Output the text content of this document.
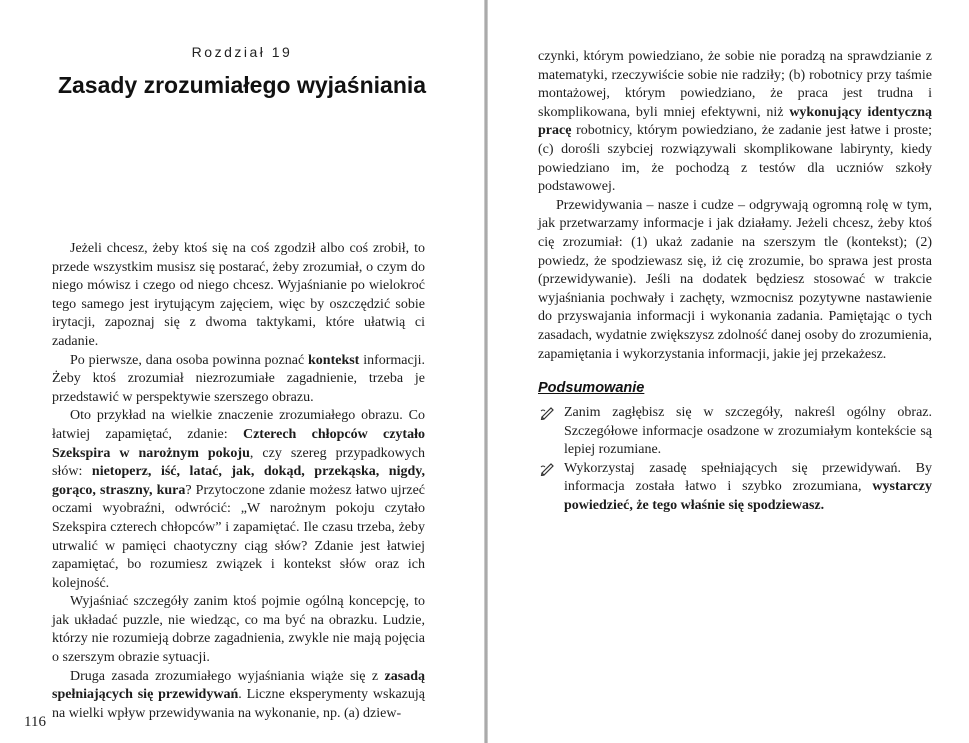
Rozdział 19
Zasady zrozumiałego wyjaśniania

Jeżeli chcesz, żeby ktoś się na coś zgodził albo coś zrobił, to przede wszystkim musisz się postarać, żeby zrozumiał, o czym do niego mówisz i czego od niego chcesz. Wyjaśnianie po wielokroć tego samego jest irytującym zajęciem, więc by oszczędzić sobie irytacji, zapoznaj się z dwoma taktykami, które ułatwią ci zadanie.

Po pierwsze, dana osoba powinna poznać kontekst informacji. Żeby ktoś zrozumiał niezrozumiałe zagadnienie, trzeba je przedstawić w perspektywie szerszego obrazu.

Oto przykład na wielkie znaczenie zrozumiałego obrazu. Co łatwiej zapamiętać, zdanie: Czterech chłopców czytało Szekspira w narożnym pokoju, czy szereg przypadkowych słów: nietoperz, iść, latać, jak, dokąd, przekąska, nigdy, gorąco, straszny, kura? Przytoczone zdanie możesz łatwo ujrzeć oczami wyobraźni, odwrócić: „W narożnym pokoju czytało Szekspira czterech chłopców” i zapamiętać. Ile czasu trzeba, żeby utrwalić w pamięci chaotyczny ciąg słów? Zdanie jest łatwiej zapamiętać, bo rozumiesz związek i kontekst słów oraz ich kolejność.

Wyjaśniać szczegóły zanim ktoś pojmie ogólną koncepcję, to jak układać puzzle, nie wiedząc, co ma być na obrazku. Ludzie, którzy nie rozumieją dobrze zagadnienia, zwykle nie mają pojęcia o szerszym obrazie sytuacji.

Druga zasada zrozumiałego wyjaśniania wiąże się z zasadą spełniających się przewidywań. Liczne eksperymenty wskazują na wielki wpływ przewidywania na wykonanie, np. (a) dziew-

116

czynki, którym powiedziano, że sobie nie poradzą na sprawdzianie z matematyki, rzeczywiście sobie nie radziły; (b) robotnicy przy taśmie montażowej, którym powiedziano, że praca jest trudna i skomplikowana, byli mniej efektywni, niż wykonujący identyczną pracę robotnicy, którym powiedziano, że zadanie jest łatwe i proste; (c) dorośli szybciej rozwiązywali skomplikowane labirynty, kiedy powiedziano im, że pochodzą z testów dla uczniów szkoły podstawowej.

Przewidywania – nasze i cudze – odgrywają ogromną rolę w tym, jak przetwarzamy informacje i jak działamy. Jeżeli chcesz, żeby ktoś cię zrozumiał: (1) ukaż zadanie na szerszym tle (kontekst); (2) powiedz, że spodziewasz się, iż cię zrozumie, bo sprawa jest prosta (przewidywanie). Jeśli na dodatek będziesz stosować w trakcie wyjaśniania pochwały i zachęty, wzmocnisz pozytywne nastawienie do przyswajania informacji i wykonania zadania. Pamiętając o tych zasadach, wydatnie zwiększysz zdolność danej osoby do zrozumienia, zapamiętania i wykorzystania informacji, jakie jej przekażesz.

Podsumowanie
Zanim zagłębisz się w szczegóły, nakreśl ogólny obraz. Szczegółowe informacje osadzone w zrozumiałym kontekście są lepiej rozumiane.
Wykorzystaj zasadę spełniających się przewidywań. By informacja została łatwo i szybko zrozumiana, wystarczy powiedzieć, że tego właśnie się spodziewasz.
